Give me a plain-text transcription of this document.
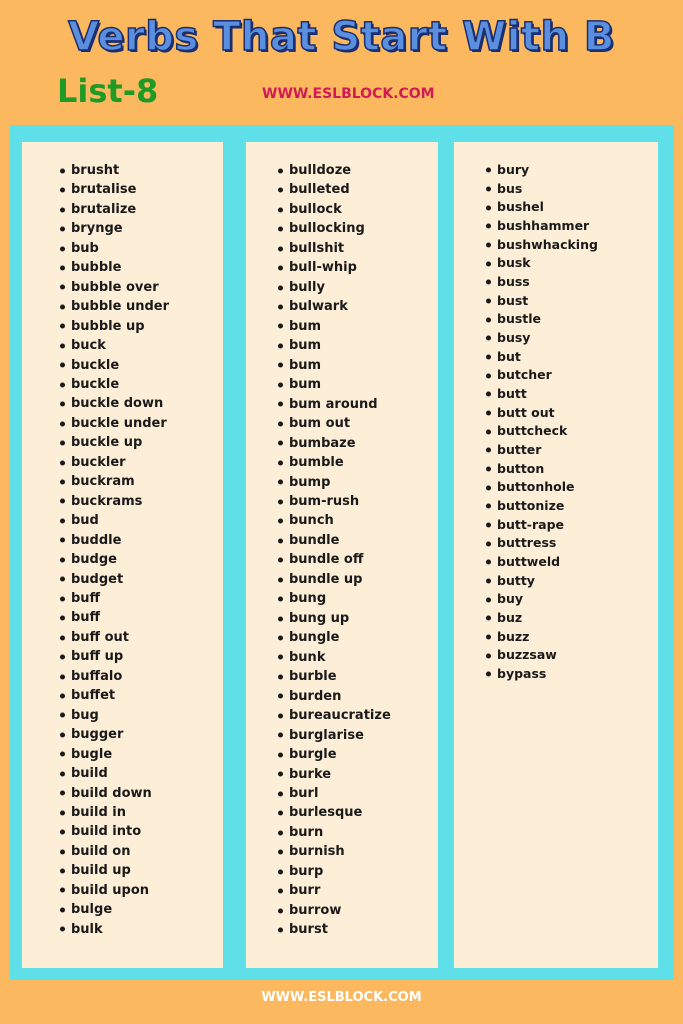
Verbs That Start With B
List-8	WWW.ESLBLOCK.COM
brusht
brutalise
brutalize
brynge
bub
bubble
bubble over
bubble under
bubble up
buck
buckle
buckle
buckle down
buckle under
buckle up
buckler
buckram
buckrams
bud
buddle
budge
budget
buff
buff
buff out
buff up
buffalo
buffet
bug
bugger
bugle
build
build down
build in
build into
build on
build up
build upon
bulge
bulk
bulldoze
bulleted
bullock
bullocking
bullshit
bull-whip
bully
bulwark
bum
bum
bum
bum
bum around
bum out
bumbaze
bumble
bump
bum-rush
bunch
bundle
bundle off
bundle up
bung
bung up
bungle
bunk
burble
burden
bureaucratize
burglarise
burgle
burke
burl
burlesque
burn
burnish
burp
burr
burrow
burst
bury
bus
bushel
bushhammer
bushwhacking
busk
buss
bust
bustle
busy
but
butcher
butt
butt out
buttcheck
butter
button
buttonhole
buttonize
butt-rape
buttress
buttweld
butty
buy
buz
buzz
buzzsaw
bypass
WWW.ESLBLOCK.COM
